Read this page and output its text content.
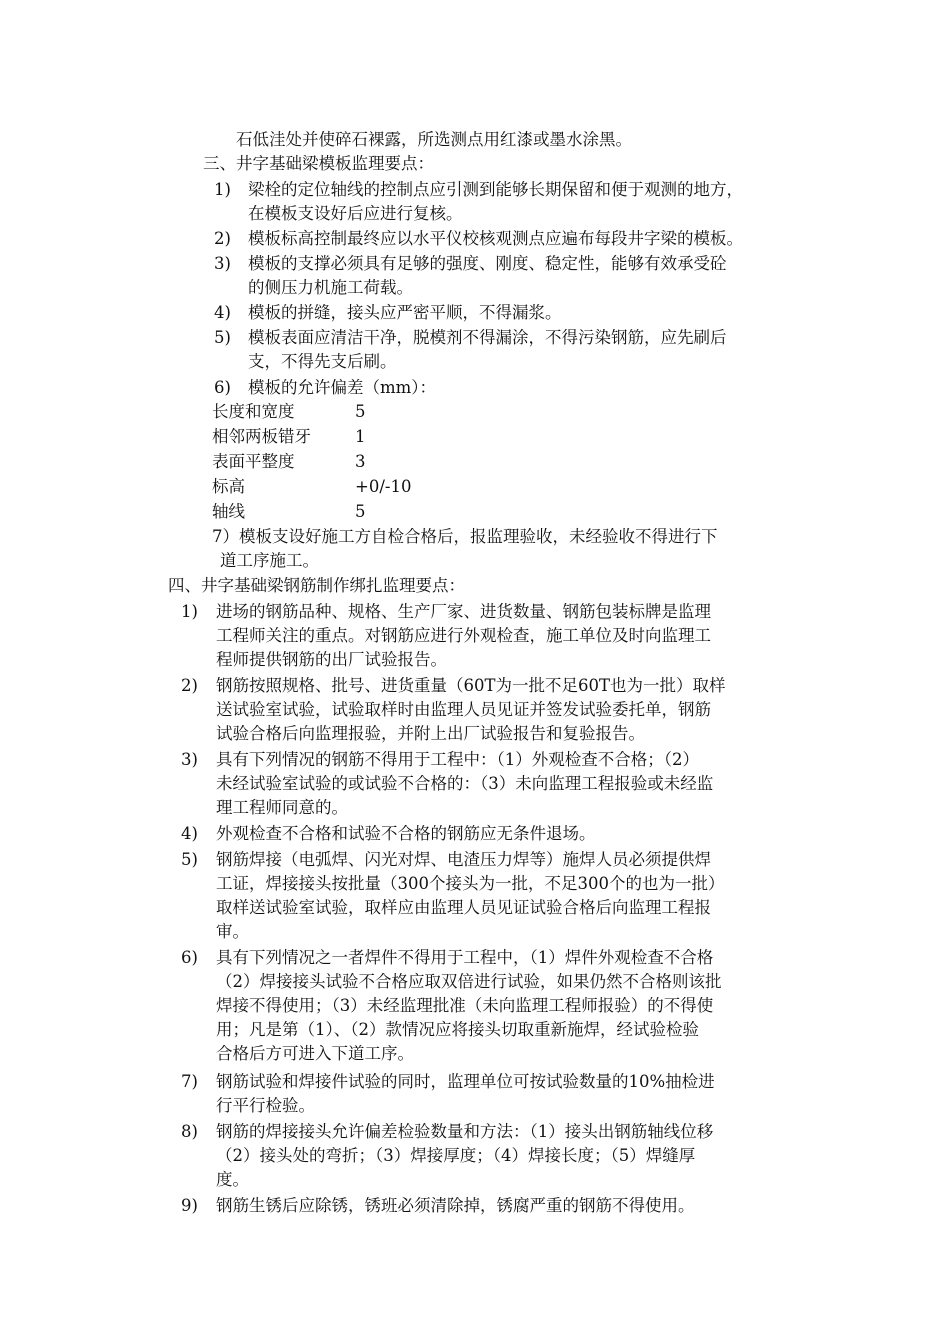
石低洼处并使碎石裸露，所选测点用红漆或墨水涂黑。
三、井字基础梁模板监理要点：
1) 梁栓的定位轴线的控制点应引测到能够长期保留和便于观测的地方，
在模板支设好后应进行复核。
2) 模板标高控制最终应以水平仪校核观测点应遍布每段井字梁的模板。
3) 模板的支撑必须具有足够的强度、刚度、稳定性，能够有效承受砼
的侧压力机施工荷载。
4) 模板的拼缝，接头应严密平顺，不得漏浆。
5) 模板表面应清洁干净，脱模剂不得漏涂，不得污染钢筋，应先刷后
支，不得先支后刷。
6) 模板的允许偏差（mm）：
长度和宽度	5
相邻两板错牙	1
表面平整度	3
标高	+0/-10
轴线	5
7）模板支设好施工方自检合格后，报监理验收，未经验收不得进行下
道工序施工。
四、井字基础梁钢筋制作绑扎监理要点：
1) 进场的钢筋品种、规格、生产厂家、进货数量、钢筋包装标牌是监理
工程师关注的重点。对钢筋应进行外观检查，施工单位及时向监理工
程师提供钢筋的出厂试验报告。
2) 钢筋按照规格、批号、进货重量（60T为一批不足60T也为一批）取样
送试验室试验，试验取样时由监理人员见证并签发试验委托单，钢筋
试验合格后向监理报验，并附上出厂试验报告和复验报告。
3) 具有下列情况的钢筋不得用于工程中：（1）外观检查不合格；（2）
未经试验室试验的或试验不合格的：（3）未向监理工程报验或未经监
理工程师同意的。
4) 外观检查不合格和试验不合格的钢筋应无条件退场。
5) 钢筋焊接（电弧焊、闪光对焊、电渣压力焊等）施焊人员必须提供焊
工证，焊接接头按批量（300个接头为一批，不足300个的也为一批）
取样送试验室试验，取样应由监理人员见证试验合格后向监理工程报
审。
6) 具有下列情况之一者焊件不得用于工程中，（1）焊件外观检查不合格
（2）焊接接头试验不合格应取双倍进行试验，如果仍然不合格则该批
焊接不得使用；（3）未经监理批准（未向监理工程师报验）的不得使
用；凡是第（1）、（2）款情况应将接头切取重新施焊，经试验检验
合格后方可进入下道工序。
7) 钢筋试验和焊接件试验的同时，监理单位可按试验数量的10%抽检进
行平行检验。
8) 钢筋的焊接接头允许偏差检验数量和方法：（1）接头出钢筋轴线位移
（2）接头处的弯折；（3）焊接厚度；（4）焊接长度；（5）焊缝厚
度。
9) 钢筋生锈后应除锈，锈班必须清除掉，锈腐严重的钢筋不得使用。
